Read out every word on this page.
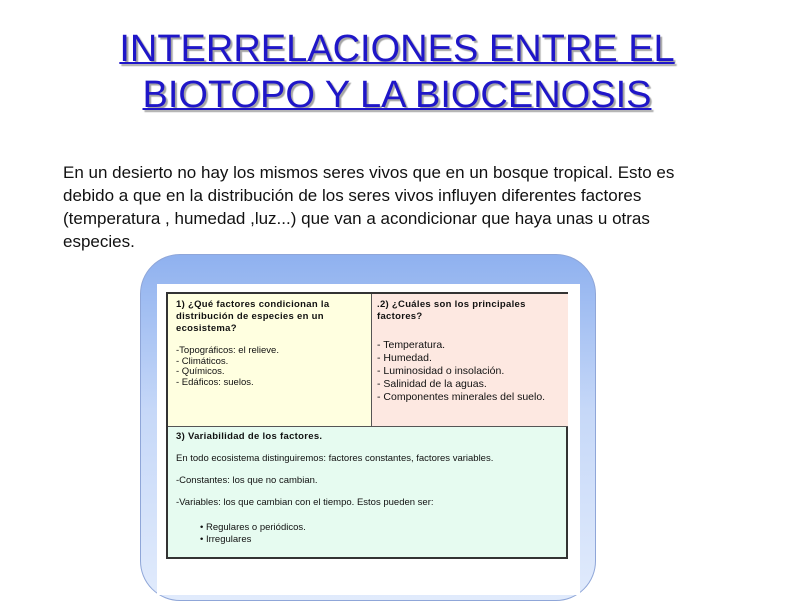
INTERRELACIONES ENTRE EL
BIOTOPO Y LA BIOCENOSIS
En un desierto no hay los mismos seres vivos que en un bosque tropical. Esto es debido a que en la distribución de los seres vivos influyen diferentes factores (temperatura , humedad ,luz...) que van a acondicionar que haya unas u otras especies.
1) ¿Qué factores condicionan la distribución de especies en un ecosistema?
-Topográficos: el relieve.
- Climáticos.
- Químicos.
- Edáficos: suelos.
.2) ¿Cuáles son los principales factores?
- Temperatura.
- Humedad.
- Luminosidad o insolación.
- Salinidad de la aguas.
- Componentes minerales del suelo.
3) Variabilidad de los factores.

En todo ecosistema distinguiremos: factores constantes, factores variables.

-Constantes: los que no cambian.

-Variables: los que cambian con el tiempo. Estos pueden ser:

• Regulares o periódicos.
• Irregulares
